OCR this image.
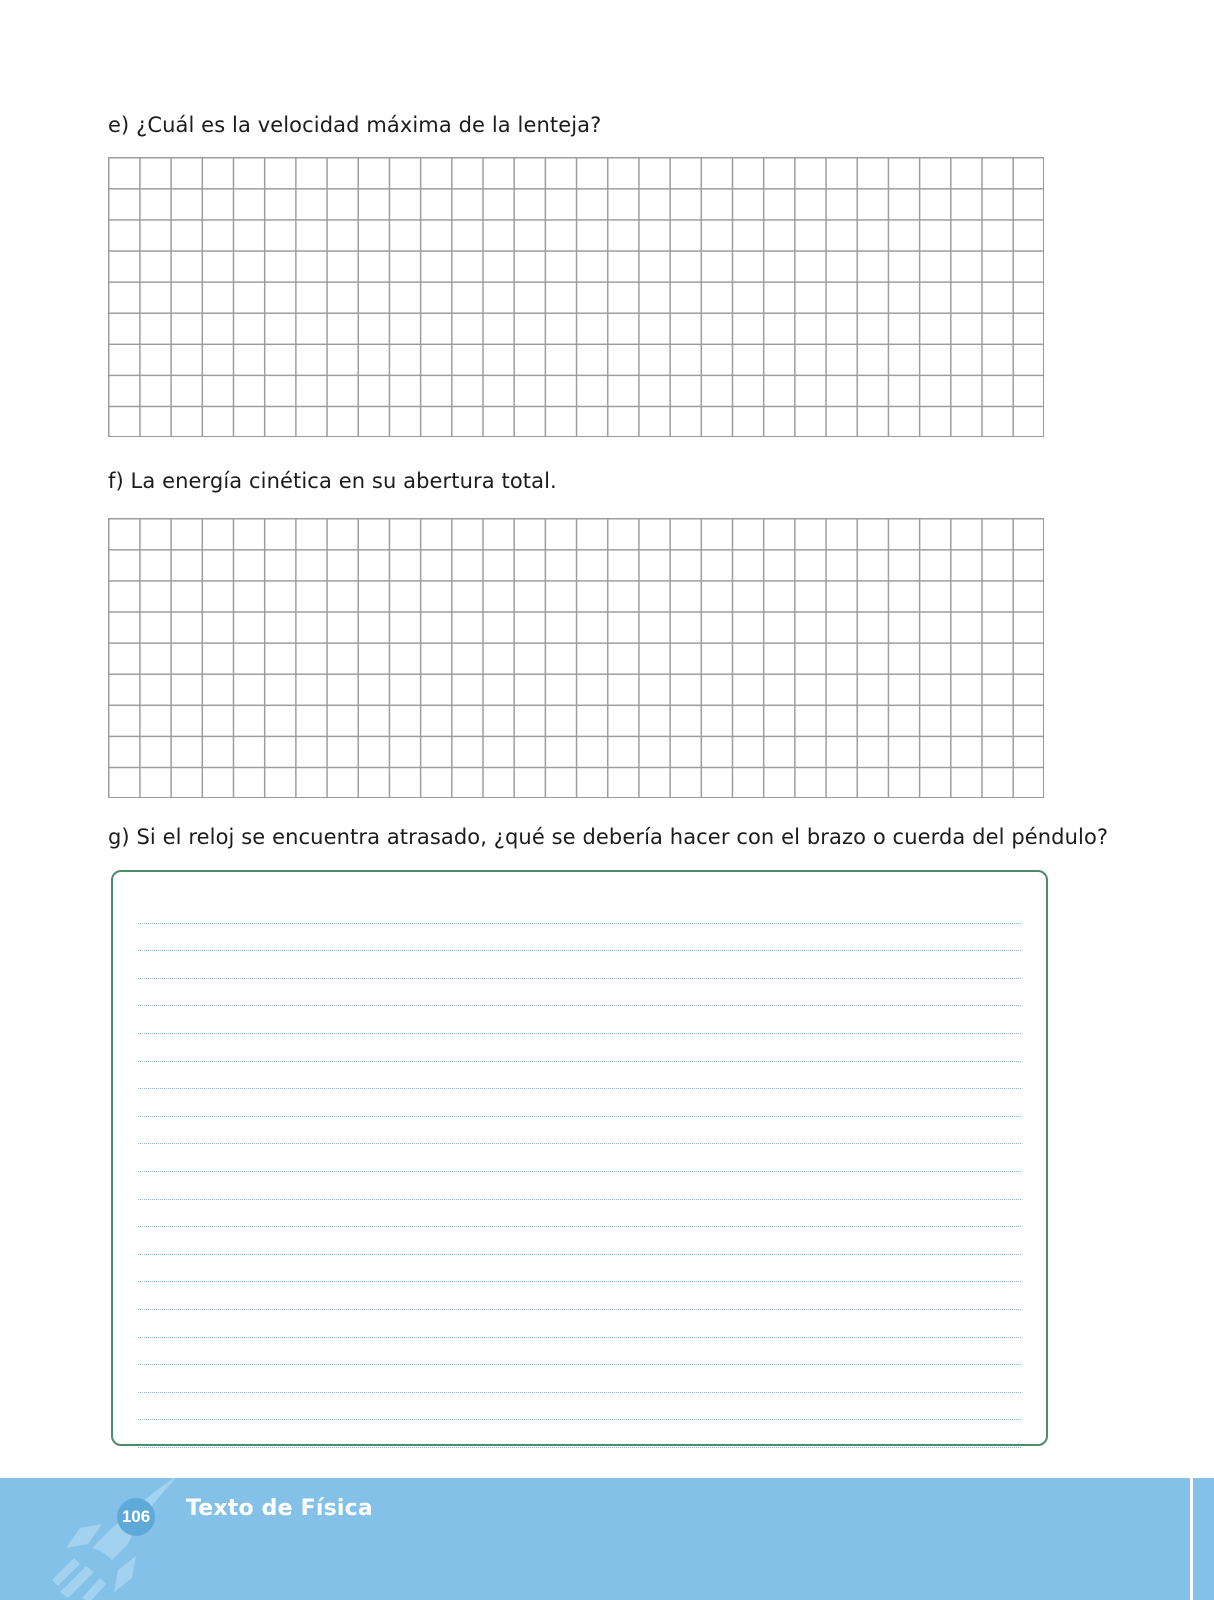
e) ¿Cuál es la velocidad máxima de la lenteja?
f) La energía cinética en su abertura total.
g) Si el reloj se encuentra atrasado, ¿qué se debería hacer con el brazo o cuerda del péndulo?
106 Texto de Física
